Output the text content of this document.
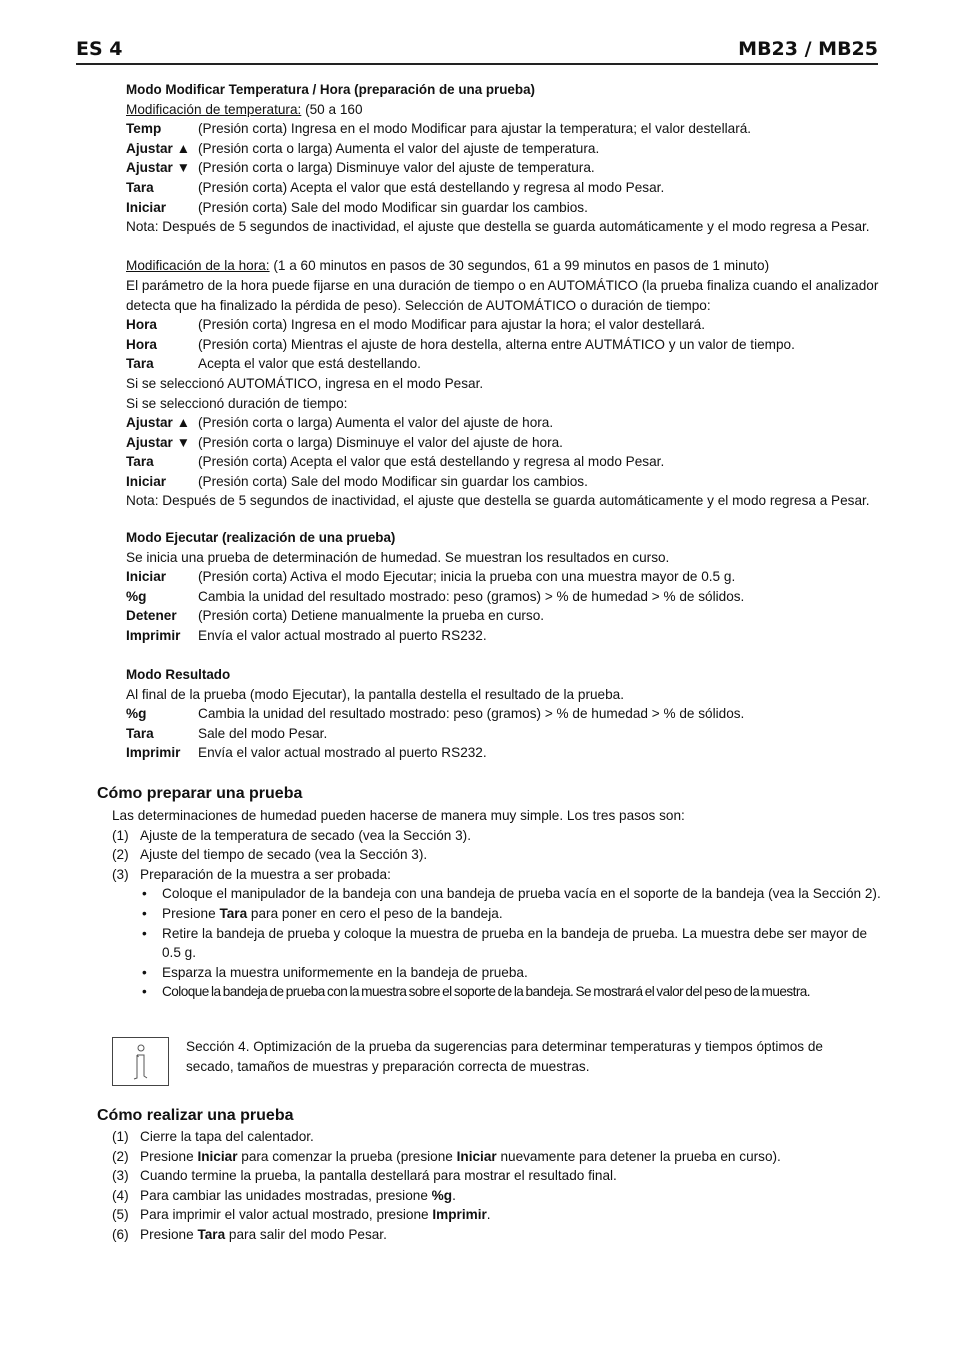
ES 4	MB23 / MB25
Modo Modificar Temperatura / Hora (preparación de una prueba)
Modificación de temperatura: (50 a 160
Temp	(Presión corta) Ingresa en el modo Modificar para ajustar la temperatura; el valor destellará.
Ajustar ▲ (Presión corta o larga) Aumenta el valor del ajuste de temperatura.
Ajustar ▼ (Presión corta o larga) Disminuye valor del ajuste de temperatura.
Tara	(Presión corta) Acepta el valor que está destellando y regresa al modo Pesar.
Iniciar	(Presión corta) Sale del modo Modificar sin guardar los cambios.
Nota: Después de 5 segundos de inactividad, el ajuste que destella se guarda automáticamente y el modo regresa a Pesar.
Modificación de la hora: (1 a 60 minutos en pasos de 30 segundos, 61 a 99 minutos en pasos de 1 minuto)
El parámetro de la hora puede fijarse en una duración de tiempo o en AUTOMÁTICO (la prueba finaliza cuando el analizador
detecta que ha finalizado la pérdida de peso). Selección de AUTOMÁTICO o duración de tiempo:
Hora	(Presión corta) Ingresa en el modo Modificar para ajustar la hora; el valor destellará.
Hora	(Presión corta) Mientras el ajuste de hora destella, alterna entre AUTMÁTICO y un valor de tiempo.
Tara	Acepta el valor que está destellando.
Si se seleccionó AUTOMÁTICO, ingresa en el modo Pesar.
Si se seleccionó duración de tiempo:
Ajustar ▲ (Presión corta o larga) Aumenta el valor del ajuste de hora.
Ajustar ▼ (Presión corta o larga) Disminuye el valor del ajuste de hora.
Tara	(Presión corta) Acepta el valor que está destellando y regresa al modo Pesar.
Iniciar	(Presión corta) Sale del modo Modificar sin guardar los cambios.
Nota: Después de 5 segundos de inactividad, el ajuste que destella se guarda automáticamente y el modo regresa a Pesar.
Modo Ejecutar (realización de una prueba)
Se inicia una prueba de determinación de humedad. Se muestran los resultados en curso.
Iniciar	(Presión corta) Activa el modo Ejecutar; inicia la prueba con una muestra mayor de 0.5 g.
%g	Cambia la unidad del resultado mostrado: peso (gramos) > % de humedad > % de sólidos.
Detener	(Presión corta) Detiene manualmente la prueba en curso.
Imprimir	Envía el valor actual mostrado al puerto RS232.
Modo Resultado
Al final de la prueba (modo Ejecutar), la pantalla destella el resultado de la prueba.
%g	Cambia la unidad del resultado mostrado: peso (gramos) > % de humedad > % de sólidos.
Tara	Sale del modo Pesar.
Imprimir	Envía el valor actual mostrado al puerto RS232.
Cómo preparar una prueba
Las determinaciones de humedad pueden hacerse de manera muy simple. Los tres pasos son:
(1) Ajuste de la temperatura de secado (vea la Sección 3).
(2) Ajuste del tiempo de secado (vea la Sección 3).
(3) Preparación de la muestra a ser probada:
•	Coloque el manipulador de la bandeja con una bandeja de prueba vacía en el soporte de la bandeja (vea la Sección 2).
•	Presione Tara para poner en cero el peso de la bandeja.
•	Retire la bandeja de prueba y coloque la muestra de prueba en la bandeja de prueba. La muestra debe ser mayor de 0.5 g.
•	Esparza la muestra uniformemente en la bandeja de prueba.
•	Coloque la bandeja de prueba con la muestra sobre el soporte de la bandeja. Se mostrará el valor del peso de la muestra.
Sección 4. Optimización de la prueba da sugerencias para determinar temperaturas y tiempos óptimos de
secado, tamaños de muestras y preparación correcta de muestras.
Cómo realizar una prueba
(1) Cierre la tapa del calentador.
(2) Presione Iniciar para comenzar la prueba (presione Iniciar nuevamente para detener la prueba en curso).
(3) Cuando termine la prueba, la pantalla destellará para mostrar el resultado final.
(4) Para cambiar las unidades mostradas, presione %g.
(5) Para imprimir el valor actual mostrado, presione Imprimir.
(6) Presione Tara para salir del modo Pesar.
